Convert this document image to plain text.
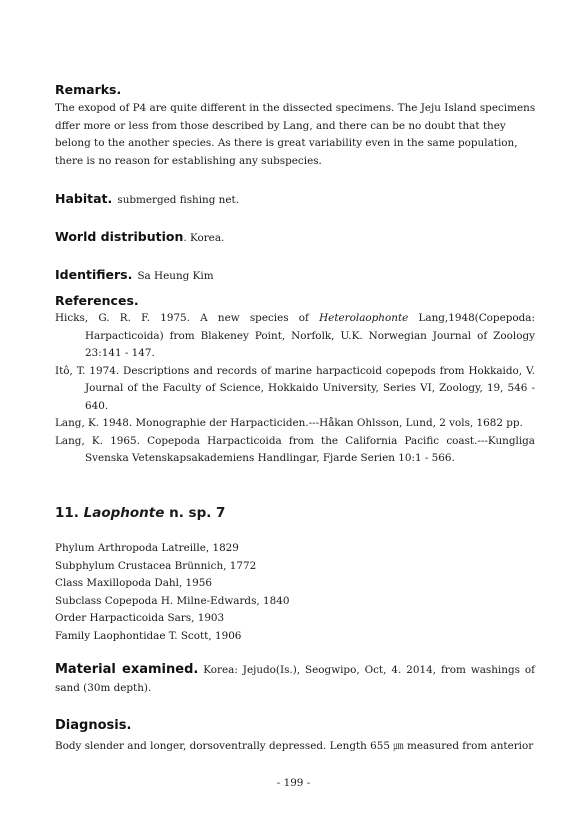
Remarks.
The exopod of P4 are quite different in the dissected specimens. The Jeju Island specimens
dffer more or less from those described by Lang, and there can be no doubt that they
belong to the another species. As there is great variability even in the same population,
there is no reason for establishing any subspecies.
Habitat. submerged fishing net.
World distribution. Korea.
Identifiers. Sa Heung Kim
References.
Hicks, G. R. F. 1975. A new species of Heterolaophonte Lang,1948(Copepoda: Harpacticoida) from Blakeney Point, Norfolk, U.K. Norwegian Journal of Zoology 23:141 - 147.
Itô, T. 1974. Descriptions and records of marine harpacticoid copepods from Hokkaido, V. Journal of the Faculty of Science, Hokkaido University, Series VI, Zoology, 19, 546 - 640.
Lang, K. 1948. Monographie der Harpacticiden.---Håkan Ohlsson, Lund, 2 vols, 1682 pp.
Lang, K. 1965. Copepoda Harpacticoida from the California Pacific coast.---Kungliga Svenska Vetenskapsakademiens Handlingar, Fjarde Serien 10:1 - 566.
11. Laophonte n. sp. 7
Phylum Arthropoda Latreille, 1829
Subphylum Crustacea Brünnich, 1772
Class Maxillopoda Dahl, 1956
Subclass Copepoda H. Milne-Edwards, 1840
Order Harpacticoida Sars, 1903
Family Laophontidae T. Scott, 1906
Material examined. Korea: Jejudo(Is.), Seogwipo, Oct, 4. 2014, from washings of sand (30m depth).
Diagnosis.
Body slender and longer, dorsoventrally depressed. Length 655 ㎛ measured from anterior
- 199 -
